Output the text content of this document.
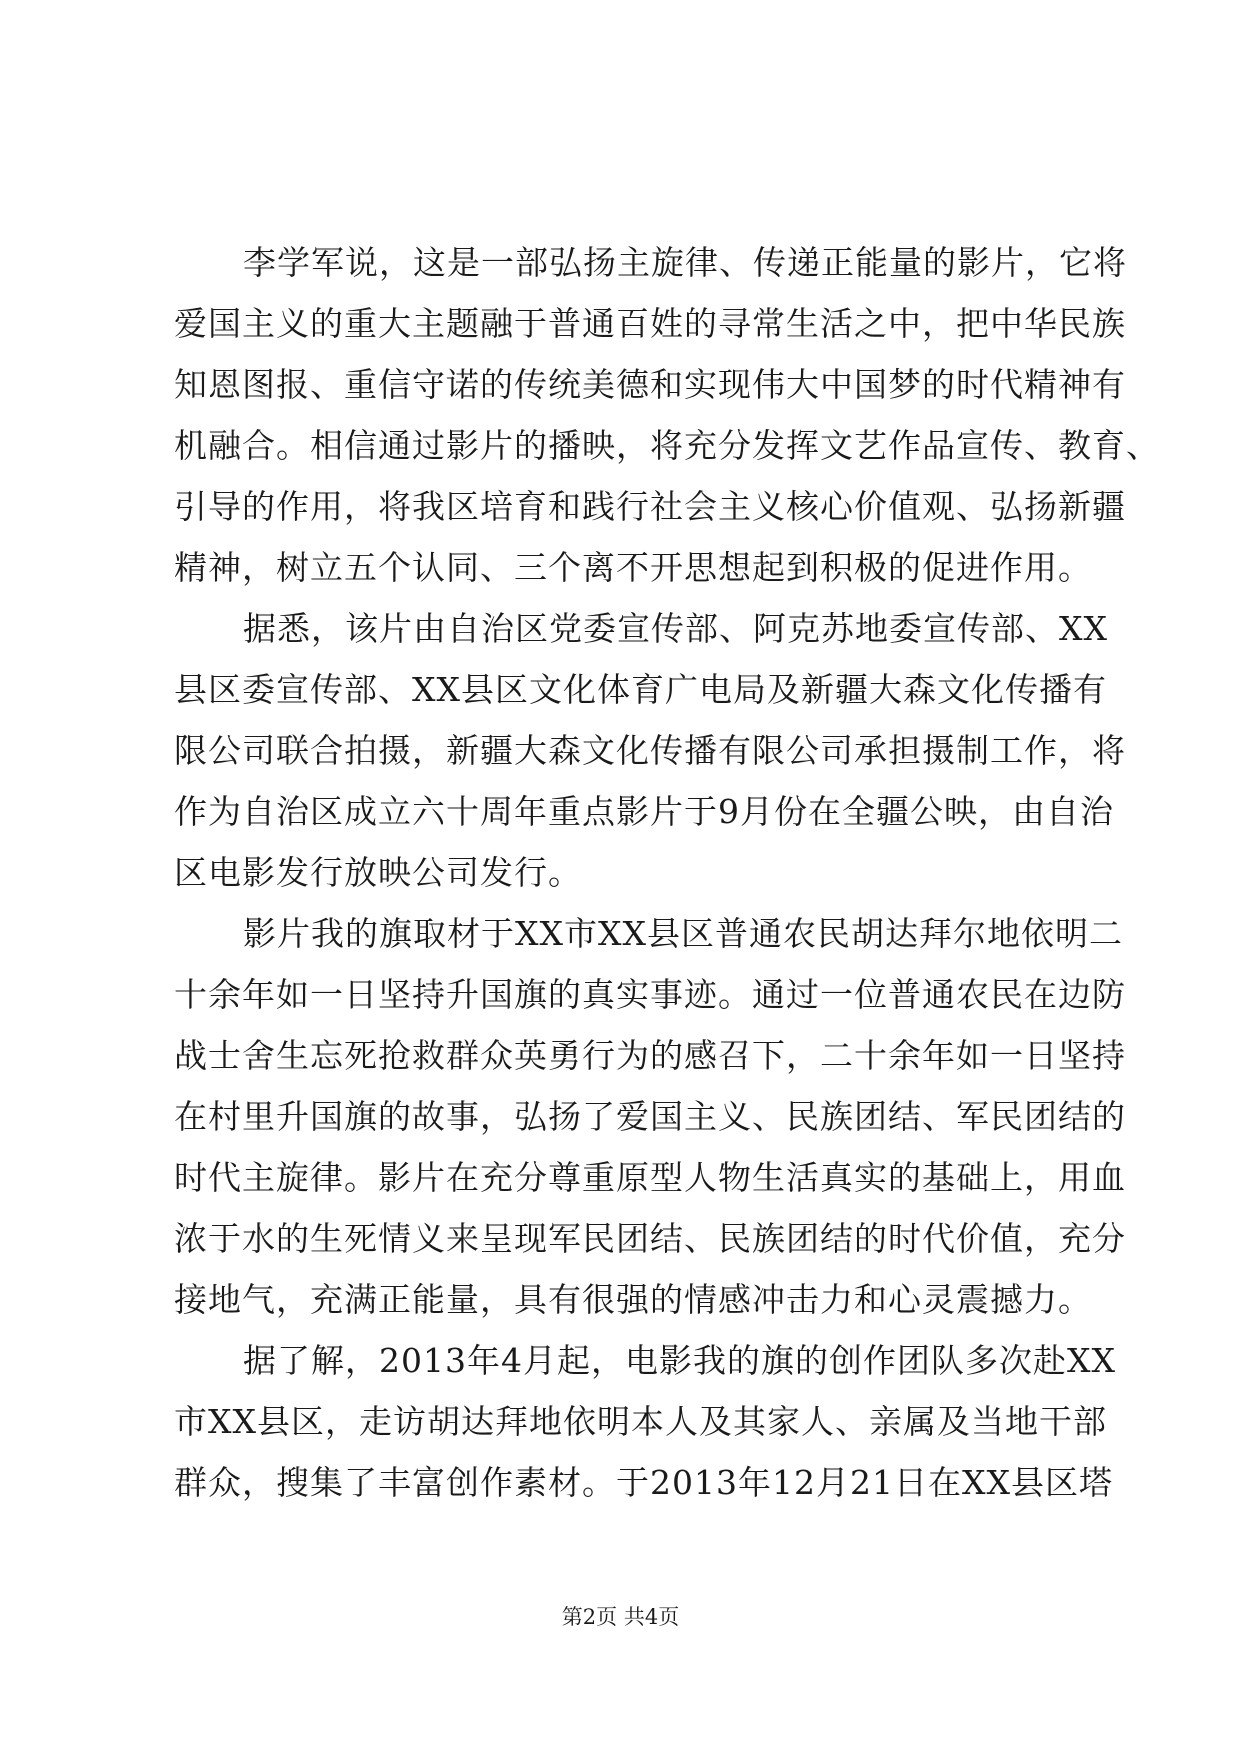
李学军说，这是一部弘扬主旋律、传递正能量的影片，它将
爱国主义的重大主题融于普通百姓的寻常生活之中，把中华民族
知恩图报、重信守诺的传统美德和实现伟大中国梦的时代精神有
机融合。相信通过影片的播映，将充分发挥文艺作品宣传、教育、
引导的作用，将我区培育和践行社会主义核心价值观、弘扬新疆
精神，树立五个认同、三个离不开思想起到积极的促进作用。
据悉，该片由自治区党委宣传部、阿克苏地委宣传部、XX
县区委宣传部、XX县区文化体育广电局及新疆大森文化传播有
限公司联合拍摄，新疆大森文化传播有限公司承担摄制工作，将
作为自治区成立六十周年重点影片于9月份在全疆公映，由自治
区电影发行放映公司发行。
影片我的旗取材于XX市XX县区普通农民胡达拜尔地依明二
十余年如一日坚持升国旗的真实事迹。通过一位普通农民在边防
战士舍生忘死抢救群众英勇行为的感召下，二十余年如一日坚持
在村里升国旗的故事，弘扬了爱国主义、民族团结、军民团结的
时代主旋律。影片在充分尊重原型人物生活真实的基础上，用血
浓于水的生死情义来呈现军民团结、民族团结的时代价值，充分
接地气，充满正能量，具有很强的情感冲击力和心灵震撼力。
据了解，2013年4月起，电影我的旗的创作团队多次赴XX
市XX县区，走访胡达拜地依明本人及其家人、亲属及当地干部
群众，搜集了丰富创作素材。于2013年12月21日在XX县区塔
第2页 共4页
